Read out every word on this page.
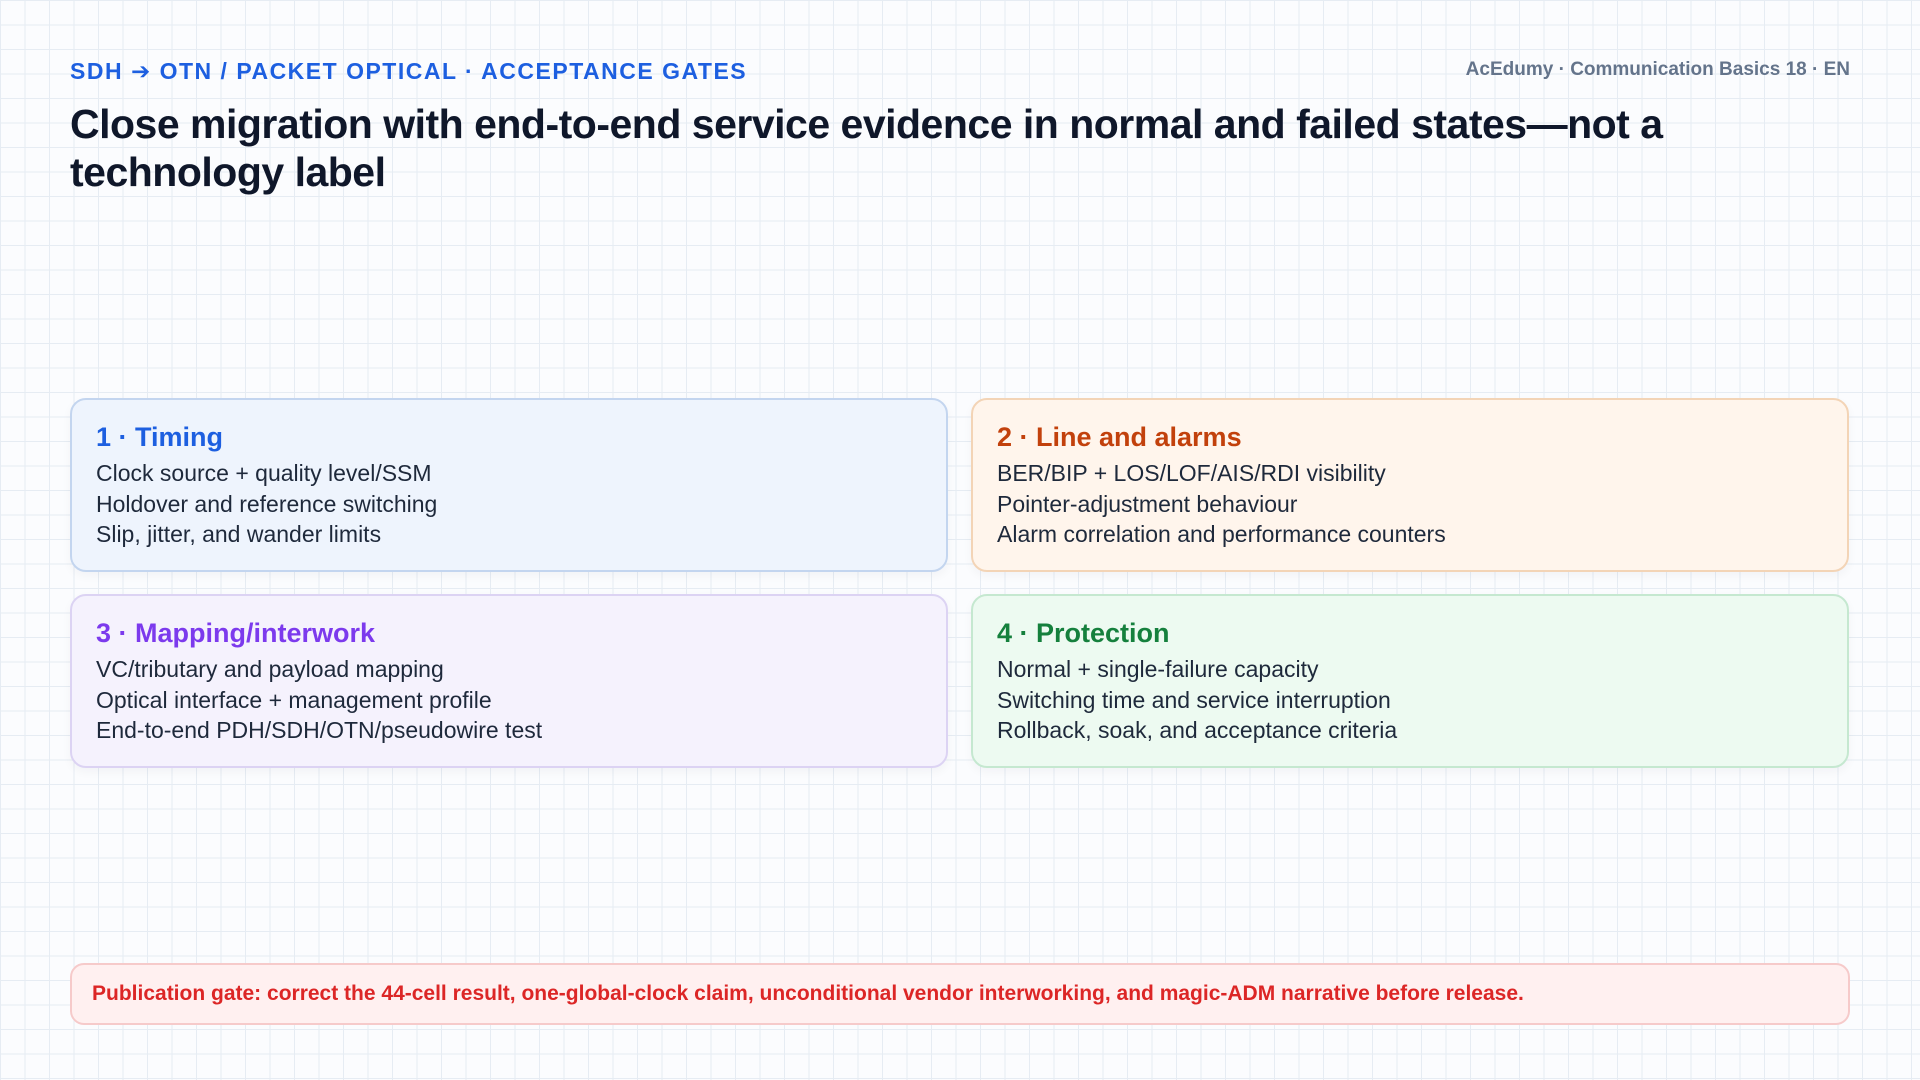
SDH ➔ OTN / PACKET OPTICAL · ACCEPTANCE GATES	AcEdumy · Communication Basics 18 · EN
Close migration with end-to-end service evidence in normal and failed states—not a technology label
1 · Timing
Clock source + quality level/SSM
Holdover and reference switching
Slip, jitter, and wander limits
2 · Line and alarms
BER/BIP + LOS/LOF/AIS/RDI visibility
Pointer-adjustment behaviour
Alarm correlation and performance counters
3 · Mapping/interwork
VC/tributary and payload mapping
Optical interface + management profile
End-to-end PDH/SDH/OTN/pseudowire test
4 · Protection
Normal + single-failure capacity
Switching time and service interruption
Rollback, soak, and acceptance criteria
Publication gate: correct the 44-cell result, one-global-clock claim, unconditional vendor interworking, and magic-ADM narrative before release.
